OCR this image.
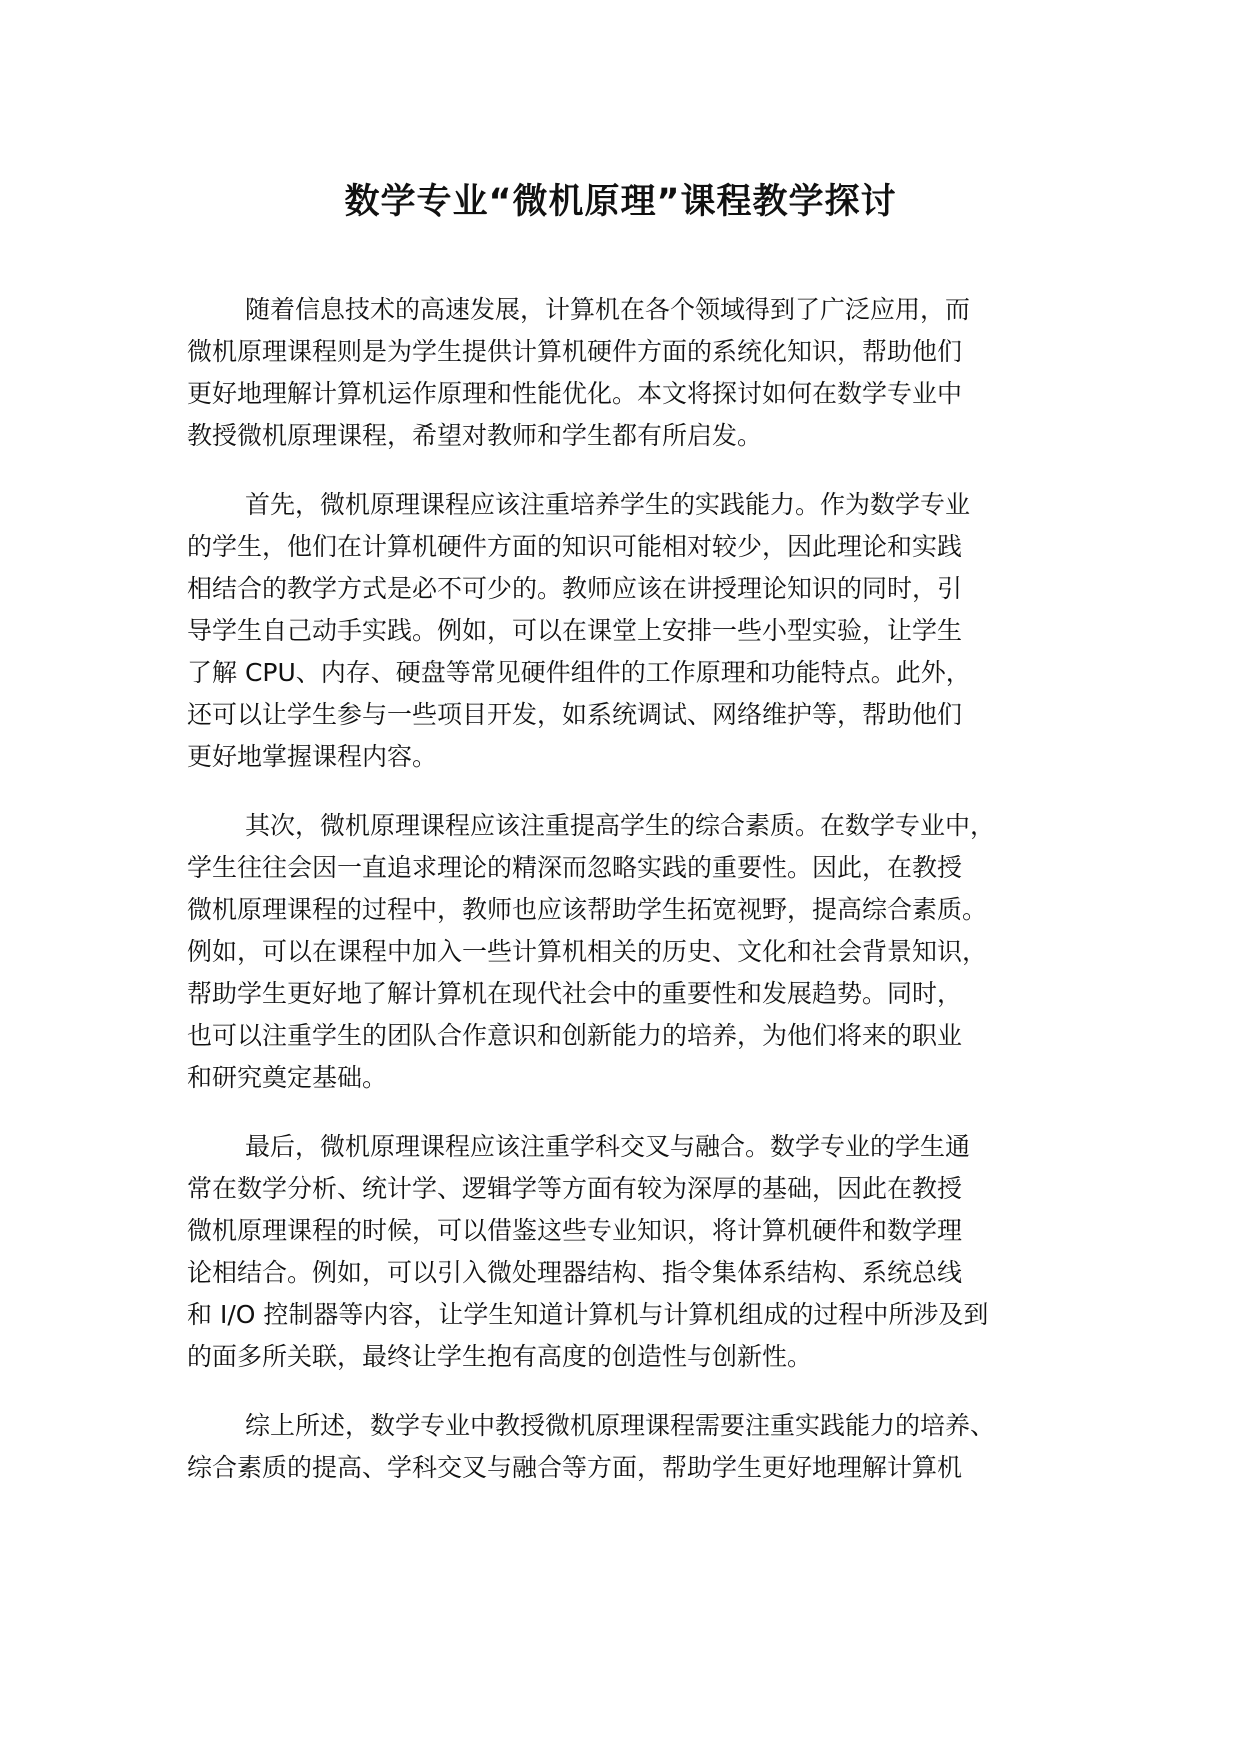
数学专业“微机原理”课程教学探讨
随着信息技术的高速发展，计算机在各个领域得到了广泛应用，而
微机原理课程则是为学生提供计算机硬件方面的系统化知识，帮助他们
更好地理解计算机运作原理和性能优化。本文将探讨如何在数学专业中
教授微机原理课程，希望对教师和学生都有所启发。
首先，微机原理课程应该注重培养学生的实践能力。作为数学专业
的学生，他们在计算机硬件方面的知识可能相对较少，因此理论和实践
相结合的教学方式是必不可少的。教师应该在讲授理论知识的同时，引
导学生自己动手实践。例如，可以在课堂上安排一些小型实验，让学生
了解 CPU、内存、硬盘等常见硬件组件的工作原理和功能特点。此外，
还可以让学生参与一些项目开发，如系统调试、网络维护等，帮助他们
更好地掌握课程内容。
其次，微机原理课程应该注重提高学生的综合素质。在数学专业中，
学生往往会因一直追求理论的精深而忽略实践的重要性。因此，在教授
微机原理课程的过程中，教师也应该帮助学生拓宽视野，提高综合素质。
例如，可以在课程中加入一些计算机相关的历史、文化和社会背景知识，
帮助学生更好地了解计算机在现代社会中的重要性和发展趋势。同时，
也可以注重学生的团队合作意识和创新能力的培养，为他们将来的职业
和研究奠定基础。
最后，微机原理课程应该注重学科交叉与融合。数学专业的学生通
常在数学分析、统计学、逻辑学等方面有较为深厚的基础，因此在教授
微机原理课程的时候，可以借鉴这些专业知识，将计算机硬件和数学理
论相结合。例如，可以引入微处理器结构、指令集体系结构、系统总线
和 I/O 控制器等内容，让学生知道计算机与计算机组成的过程中所涉及到
的面多所关联，最终让学生抱有高度的创造性与创新性。
综上所述，数学专业中教授微机原理课程需要注重实践能力的培养、
综合素质的提高、学科交叉与融合等方面，帮助学生更好地理解计算机
